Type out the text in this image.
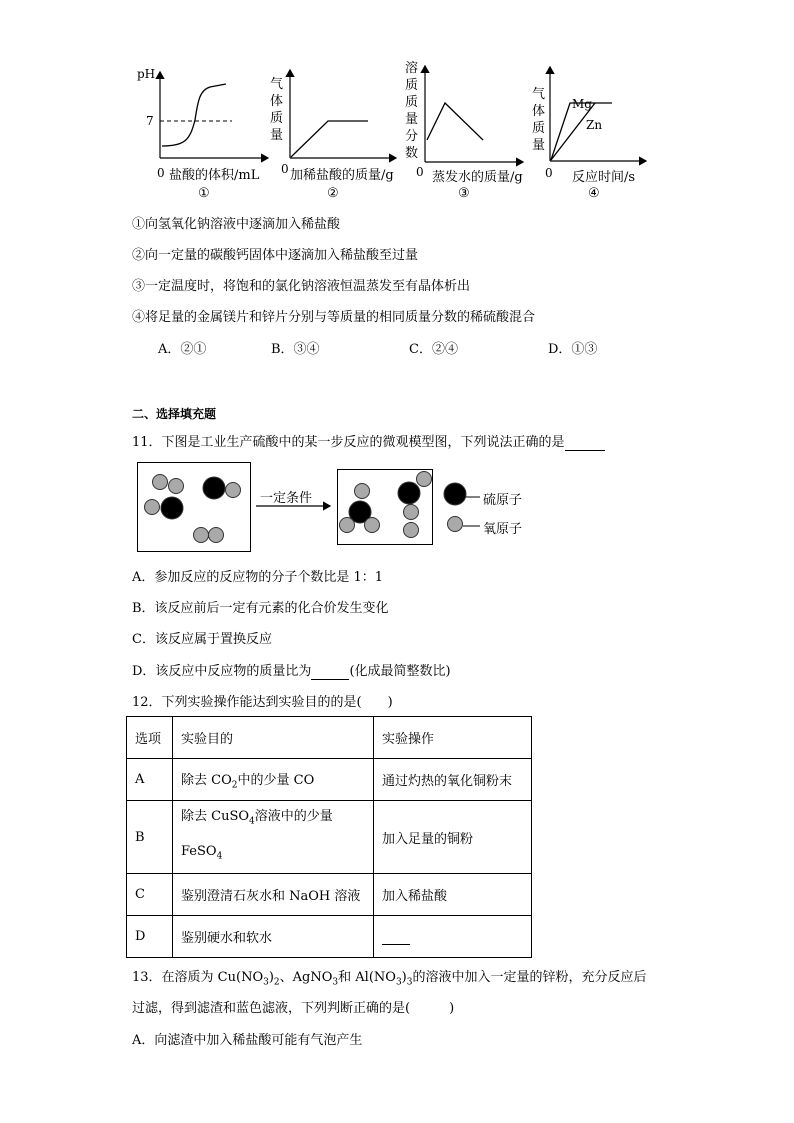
pH
7
0 盐酸的体积/mL
①
气
体
质
量
0 加稀盐酸的质量/g
②
溶
质
质
量
分
数
0 蒸发水的质量/g
③
气
体
质
量
Mg
Zn
0 反应时间/s
④
①向氢氧化钠溶液中逐滴加入稀盐酸
②向一定量的碳酸钙固体中逐滴加入稀盐酸至过量
③一定温度时，将饱和的氯化钠溶液恒温蒸发至有晶体析出
④将足量的金属镁片和锌片分别与等质量的相同质量分数的稀硫酸混合
A．②①	B．③④	C．②④	D．①③
二、选择填充题
11．下图是工业生产硫酸中的某一步反应的微观模型图，下列说法正确的是
一定条件	硫原子
氧原子
A．参加反应的反应物的分子个数比是 1：1
B．该反应前后一定有元素的化合价发生变化
C．该反应属于置换反应
D．该反应中反应物的质量比为	(化成最简整数比)
12．下列实验操作能达到实验目的的是(　　)
选项	实验目的	实验操作
A	除去 $CO_2$中的少量 CO	通过灼热的氧化铜粉末
B	除去 CuSO$_4$溶液中的少量
FeSO$_4$	加入足量的铜粉
C	鉴别澄清石灰水和 NaOH 溶液	加入稀盐酸
D	鉴别硬水和软水	
13．在溶质为 $Cu(NO_3)_2$、AgNO$_3$和 $Al(NO_3)_3$的溶液中加入一定量的锌粉，充分反应后
过滤，得到滤渣和蓝色滤液，下列判断正确的是(　　　)
A．向滤渣中加入稀盐酸可能有气泡产生
